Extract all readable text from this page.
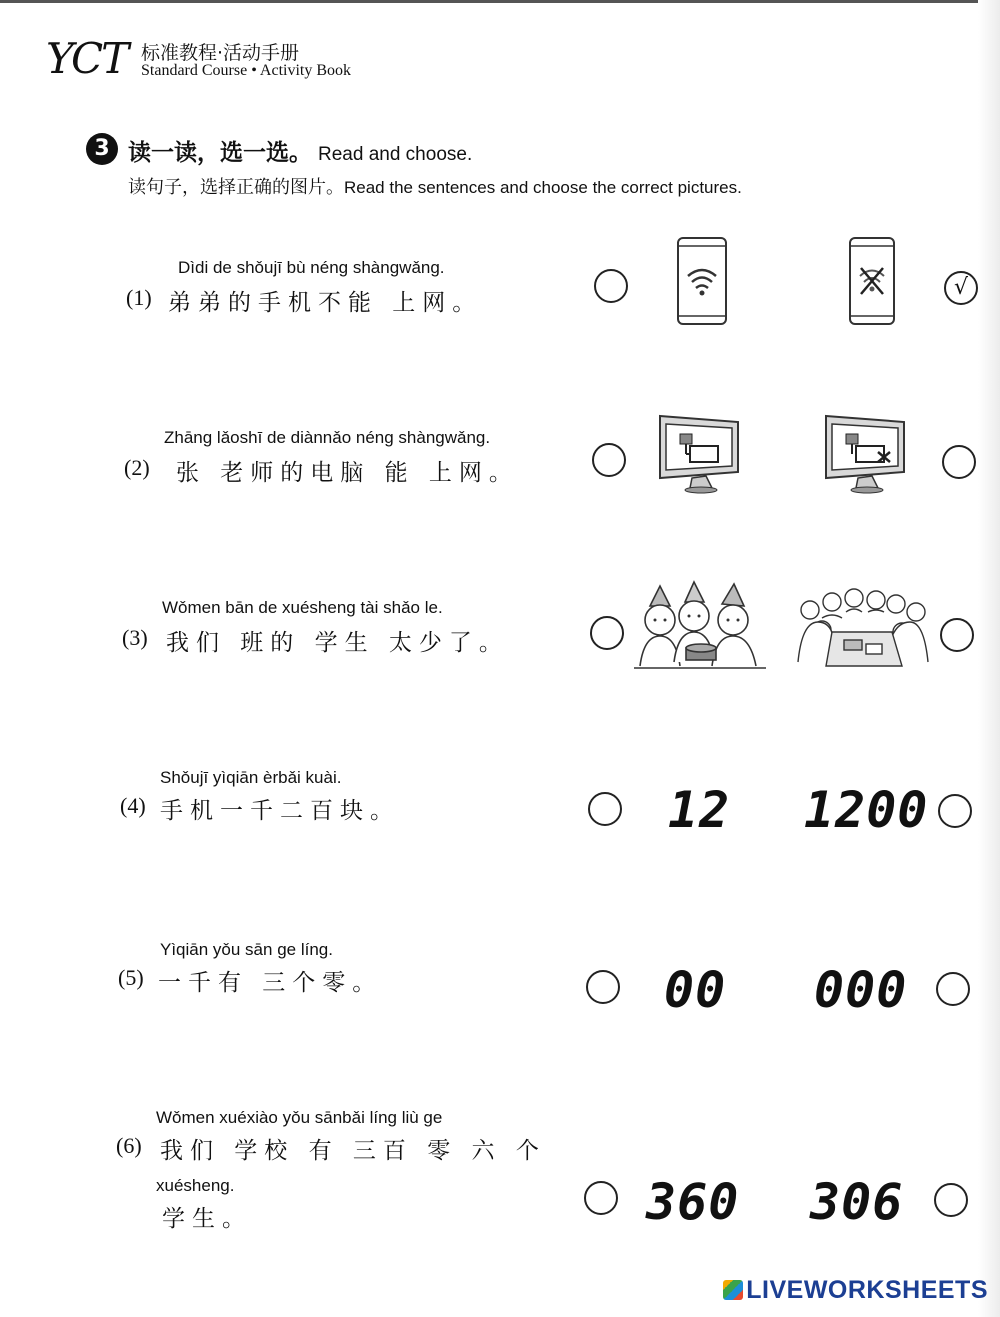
YCT 标准教程·活动手册
Standard Course • Activity Book
3 读一读，选一选。 Read and choose.
读句子，选择正确的图片。Read the sentences and choose the correct pictures.
Dìdi de shǒujī bù néng shàngwǎng.
(1) 弟弟的手机不能 上网。
√
Zhāng lǎoshī de diànnǎo néng shàngwǎng.
(2) 张 老师的电脑 能 上网。
Wǒmen bān de xuésheng tài shǎo le.
(3) 我们 班的 学生 太少了。
Shǒujī yìqiān èrbǎi kuài.
(4) 手机一千二百块。	12 1200
Yìqiān yǒu sān ge líng.
(5) 一千有 三个零。	00 000
Wǒmen xuéxiào yǒu sānbǎi líng liù ge
(6) 我们 学校 有 三百 零 六 个
xuésheng.
学生。	360 306
LIVEWORKSHEETS
